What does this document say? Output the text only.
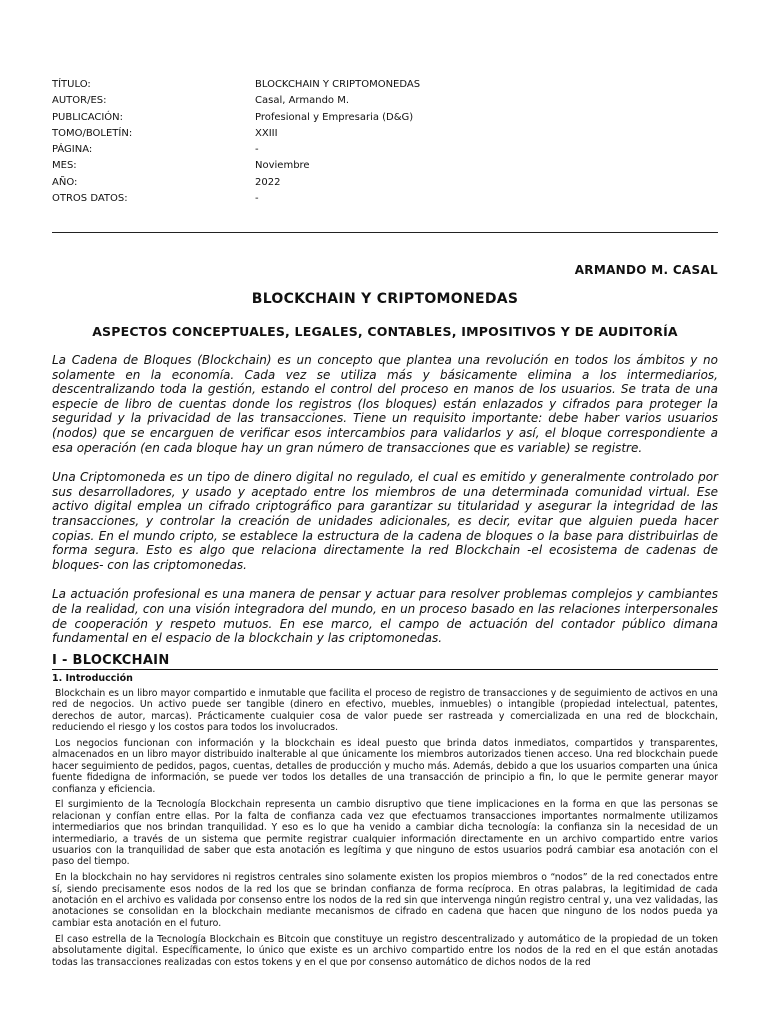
TÍTULO:	BLOCKCHAIN Y CRIPTOMONEDAS
AUTOR/ES:	Casal, Armando M.
PUBLICACIÓN:	Profesional y Empresaria (D&G)
TOMO/BOLETÍN:	XXIII
PÁGINA:	-
MES:	Noviembre
AÑO:	2022
OTROS DATOS:	-
ARMANDO M. CASAL
BLOCKCHAIN Y CRIPTOMONEDAS
ASPECTOS CONCEPTUALES, LEGALES, CONTABLES, IMPOSITIVOS Y DE AUDITORÍA

La Cadena de Bloques (Blockchain) es un concepto que plantea una revolución en todos los ámbitos y no solamente en la economía. Cada vez se utiliza más y básicamente elimina a los intermediarios, descentralizando toda la gestión, estando el control del proceso en manos de los usuarios. Se trata de una especie de libro de cuentas donde los registros (los bloques) están enlazados y cifrados para proteger la seguridad y la privacidad de las transacciones. Tiene un requisito importante: debe haber varios usuarios (nodos) que se encarguen de verificar esos intercambios para validarlos y así, el bloque correspondiente a esa operación (en cada bloque hay un gran número de transacciones que es variable) se registre.

Una Criptomoneda es un tipo de dinero digital no regulado, el cual es emitido y generalmente controlado por sus desarrolladores, y usado y aceptado entre los miembros de una determinada comunidad virtual. Ese activo digital emplea un cifrado criptográfico para garantizar su titularidad y asegurar la integridad de las transacciones, y controlar la creación de unidades adicionales, es decir, evitar que alguien pueda hacer copias. En el mundo cripto, se establece la estructura de la cadena de bloques o la base para distribuirlas de forma segura. Esto es algo que relaciona directamente la red Blockchain -el ecosistema de cadenas de bloques- con las criptomonedas.

La actuación profesional es una manera de pensar y actuar para resolver problemas complejos y cambiantes de la realidad, con una visión integradora del mundo, en un proceso basado en las relaciones interpersonales de cooperación y respeto mutuos. En ese marco, el campo de actuación del contador público dimana fundamental en el espacio de la blockchain y las criptomonedas.

I - BLOCKCHAIN
1. Introducción

Blockchain es un libro mayor compartido e inmutable que facilita el proceso de registro de transacciones y de seguimiento de activos en una red de negocios. Un activo puede ser tangible (dinero en efectivo, muebles, inmuebles) o intangible (propiedad intelectual, patentes, derechos de autor, marcas). Prácticamente cualquier cosa de valor puede ser rastreada y comercializada en una red de blockchain, reduciendo el riesgo y los costos para todos los involucrados.

Los negocios funcionan con información y la blockchain es ideal puesto que brinda datos inmediatos, compartidos y transparentes, almacenados en un libro mayor distribuido inalterable al que únicamente los miembros autorizados tienen acceso. Una red blockchain puede hacer seguimiento de pedidos, pagos, cuentas, detalles de producción y mucho más. Además, debido a que los usuarios comparten una única fuente fidedigna de información, se puede ver todos los detalles de una transacción de principio a fin, lo que le permite generar mayor confianza y eficiencia.

El surgimiento de la Tecnología Blockchain representa un cambio disruptivo que tiene implicaciones en la forma en que las personas se relacionan y confían entre ellas. Por la falta de confianza cada vez que efectuamos transacciones importantes normalmente utilizamos intermediarios que nos brindan tranquilidad. Y eso es lo que ha venido a cambiar dicha tecnología: la confianza sin la necesidad de un intermediario, a través de un sistema que permite registrar cualquier información directamente en un archivo compartido entre varios usuarios con la tranquilidad de saber que esta anotación es legítima y que ninguno de estos usuarios podrá cambiar esa anotación con el paso del tiempo.

En la blockchain no hay servidores ni registros centrales sino solamente existen los propios miembros o “nodos” de la red conectados entre sí, siendo precisamente esos nodos de la red los que se brindan confianza de forma recíproca. En otras palabras, la legitimidad de cada anotación en el archivo es validada por consenso entre los nodos de la red sin que intervenga ningún registro central y, una vez validadas, las anotaciones se consolidan en la blockchain mediante mecanismos de cifrado en cadena que hacen que ninguno de los nodos pueda ya cambiar esta anotación en el futuro.

El caso estrella de la Tecnología Blockchain es Bitcoin que constituye un registro descentralizado y automático de la propiedad de un token absolutamente digital. Específicamente, lo único que existe es un archivo compartido entre los nodos de la red en el que están anotadas todas las transacciones realizadas con estos tokens y en el que por consenso automático de dichos nodos de la red
